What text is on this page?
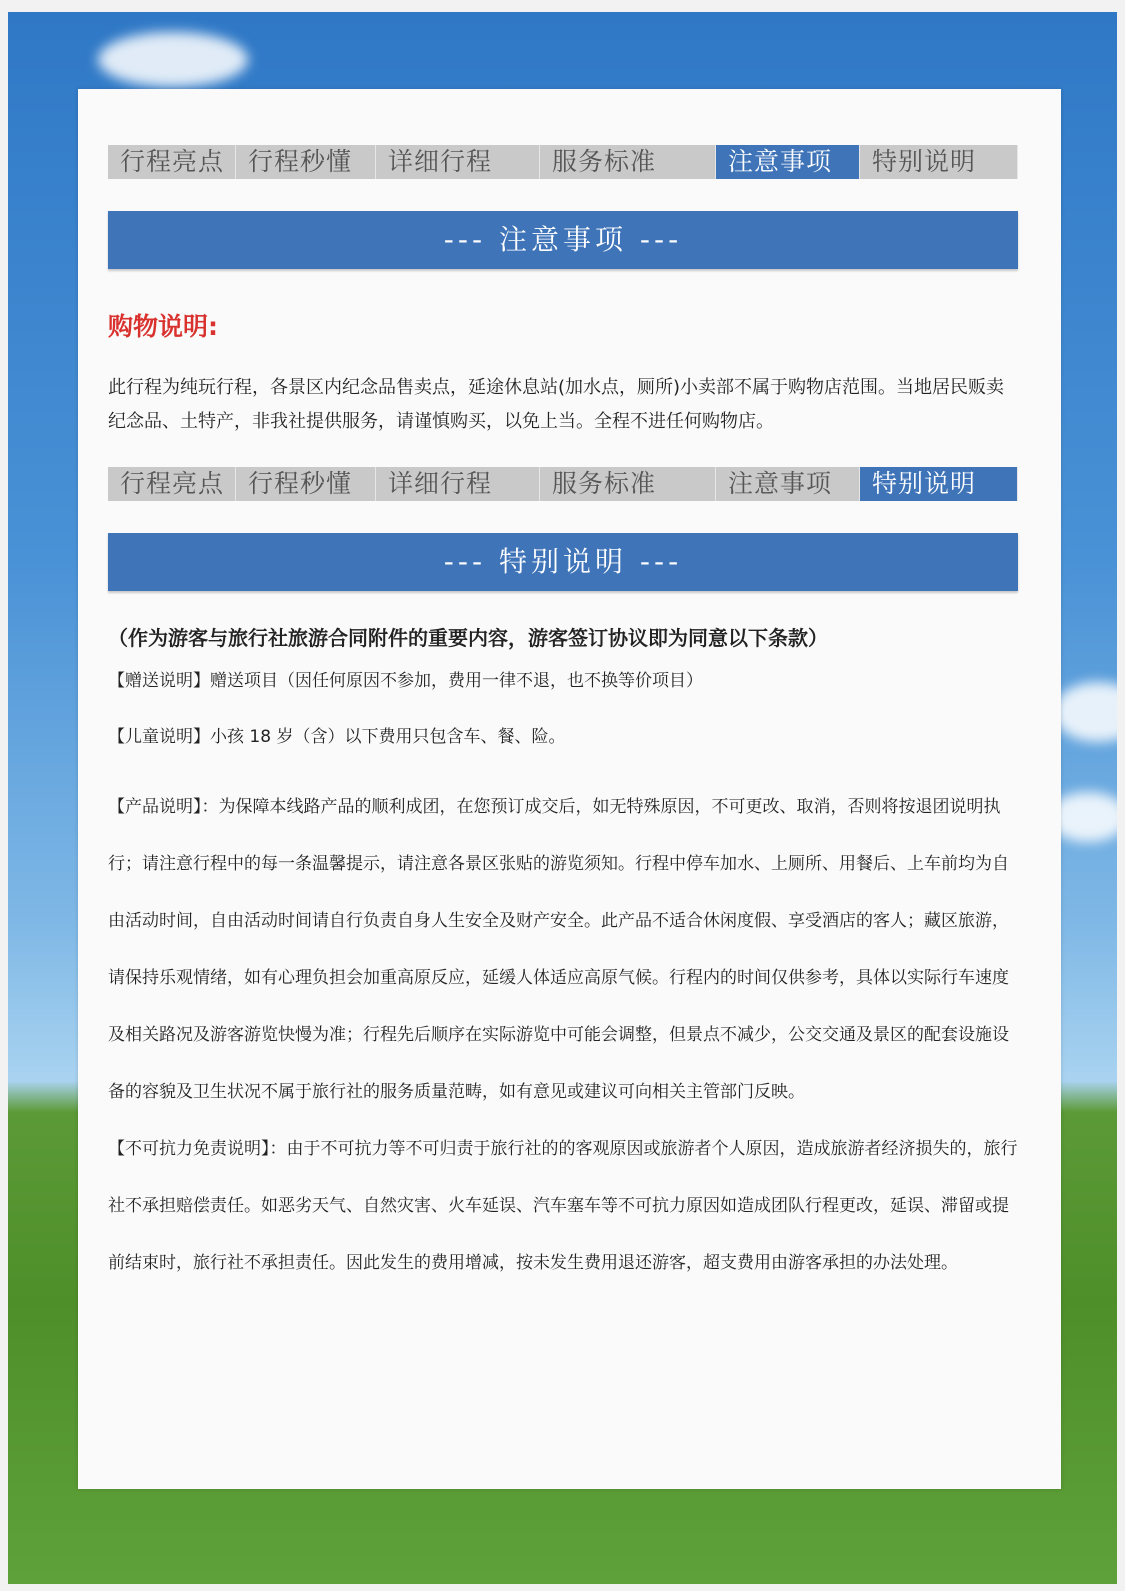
行程亮点 行程秒懂	详细行程	服务标准	注意事项	特别说明
--- 注意事项 ---
购物说明:
此行程为纯玩行程，各景区内纪念品售卖点，延途休息站(加水点，厕所)小卖部不属于购物店范围。当地居民贩卖纪念品、土特产，非我社提供服务，请谨慎购买，以免上当。全程不进任何购物店。
行程亮点 行程秒懂	详细行程	服务标准	注意事项	特别说明
--- 特别说明 ---
（作为游客与旅行社旅游合同附件的重要内容，游客签订协议即为同意以下条款）

【赠送说明】赠送项目（因任何原因不参加，费用一律不退，也不换等价项目）

【儿童说明】小孩 18 岁（含）以下费用只包含车、餐、险。

【产品说明】：为保障本线路产品的顺利成团，在您预订成交后，如无特殊原因，不可更改、取消，否则将按退团说明执行；请注意行程中的每一条温馨提示，请注意各景区张贴的游览须知。行程中停车加水、上厕所、用餐后、上车前均为自由活动时间，自由活动时间请自行负责自身人生安全及财产安全。此产品不适合休闲度假、享受酒店的客人；藏区旅游，请保持乐观情绪，如有心理负担会加重高原反应，延缓人体适应高原气候。行程内的时间仅供参考，具体以实际行车速度及相关路况及游客游览快慢为准；行程先后顺序在实际游览中可能会调整，但景点不减少，公交交通及景区的配套设施设备的容貌及卫生状况不属于旅行社的服务质量范畴，如有意见或建议可向相关主管部门反映。

【不可抗力免责说明】：由于不可抗力等不可归责于旅行社的的客观原因或旅游者个人原因，造成旅游者经济损失的，旅行社不承担赔偿责任。如恶劣天气、自然灾害、火车延误、汽车塞车等不可抗力原因如造成团队行程更改，延误、滞留或提前结束时，旅行社不承担责任。因此发生的费用增减，按未发生费用退还游客，超支费用由游客承担的办法处理。
